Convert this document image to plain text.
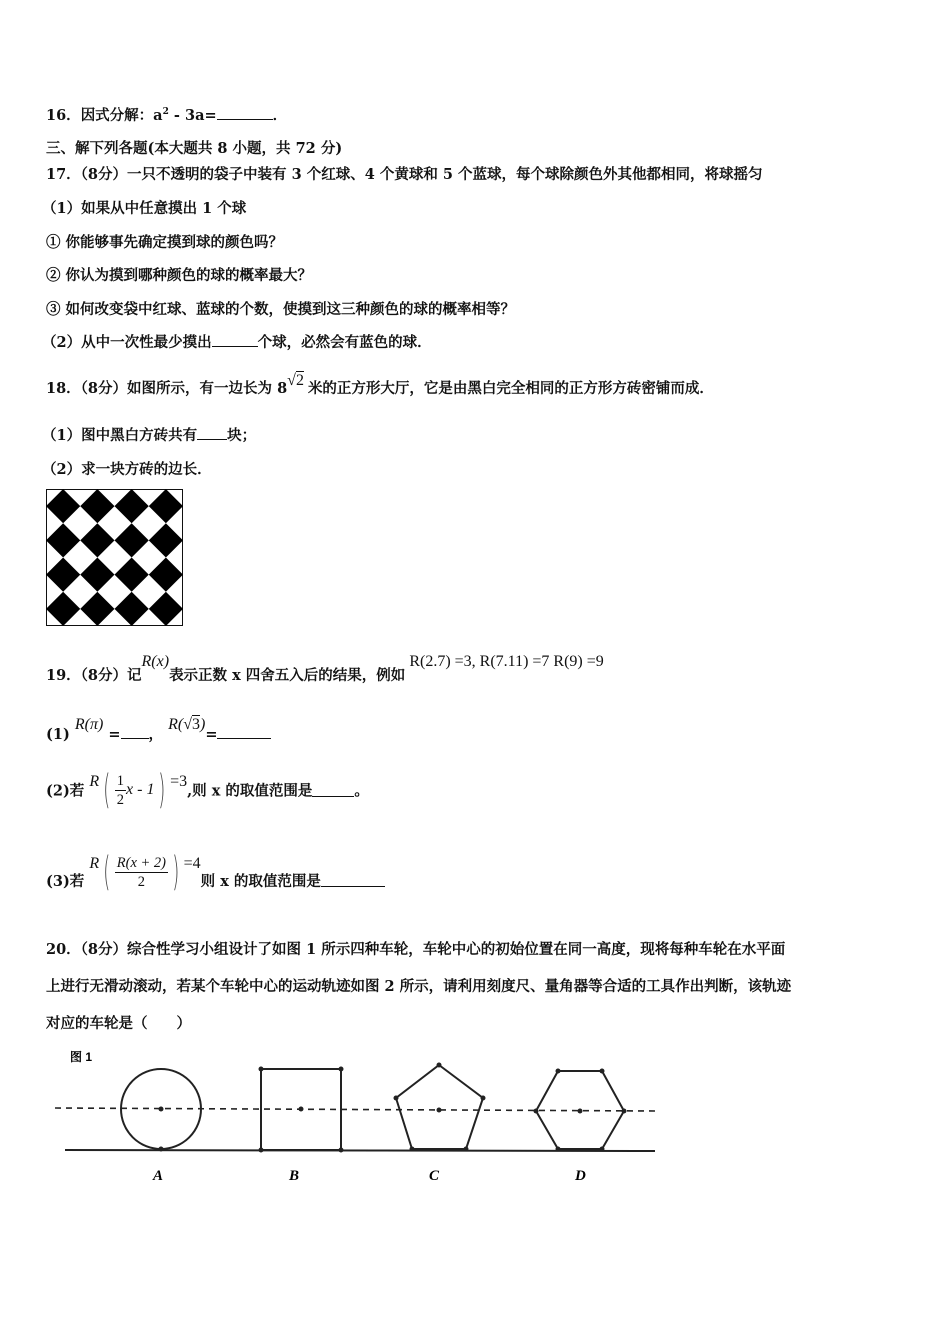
16．因式分解：$a^2 - 3a=$	．
三、解下列各题(本大题共 8 小题，共 72 分)
17．（8分）一只不透明的袋子中装有 3 个红球、4 个黄球和 5 个蓝球，每个球除颜色外其他都相同，将球摇匀
（1）如果从中任意摸出 1 个球
① 你能够事先确定摸到球的颜色吗？
② 你认为摸到哪种颜色的球的概率最大？
③ 如何改变袋中红球、蓝球的个数，使摸到这三种颜色的球的概率相等？
（2）从中一次性最少摸出	个球，必然会有蓝色的球．
18．（8分）如图所示，有一边长为 8√2 米的正方形大厅，它是由黑白完全相同的正方形方砖密铺而成．
（1）图中黑白方砖共有 块；
（2）求一块方砖的边长．
19．（8分）记R(x)表示正数 x 四舍五入后的结果，例如R(2.7) =3, R(7.11) =7 R(9) =9
(1) R(π) = ， R(√3)=
(2)若 R ( $\frac{1}{2}$ x - 1 ) =3,则 x 的取值范围是	。
(3)若 R ( $\frac{R(x + 2)}{2}$ ) =4则 x 的取值范围是
20．（8分）综合性学习小组设计了如图 1 所示四种车轮，车轮中心的初始位置在同一高度，现将每种车轮在水平面
上进行无滑动滚动，若某个车轮中心的运动轨迹如图 2 所示，请利用刻度尺、量角器等合适的工具作出判断，该轨迹
对应的车轮是（　　）
图 1
A	B	C	D
